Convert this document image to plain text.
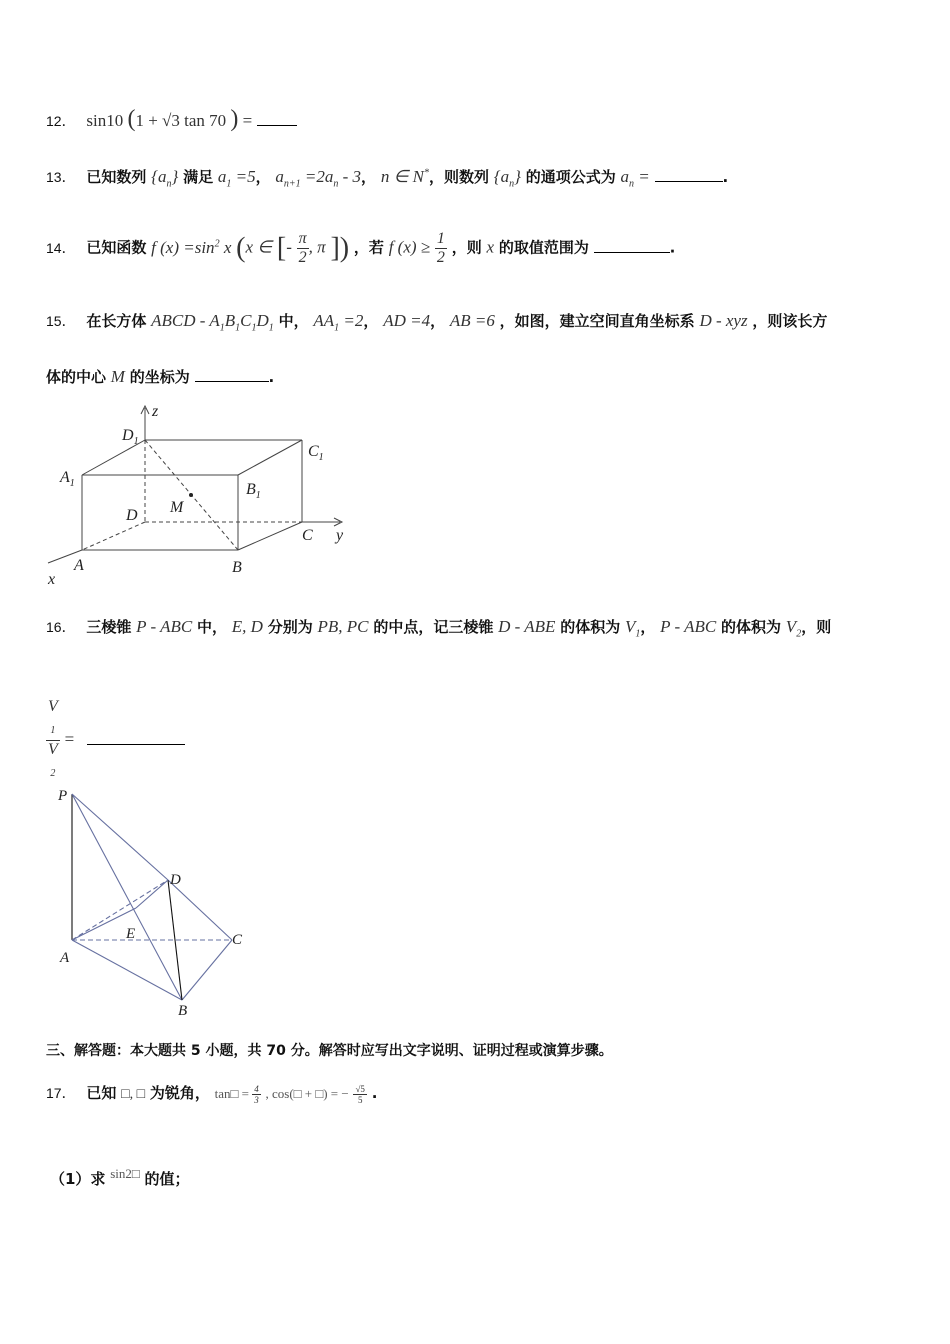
12． sin10 (1 + √3 tan 70 ) =
13． 已知数列 $\{a_n\}$ 满足 $a_1 =5$， $a_{n+1} =2a_n - 3$， n ∈ N*，则数列 $\{a_n\}$ 的通项公式为 $a_n$ =	.
14． 已知函数 f $(x) =\sin^2$ x (x ∈ [- $\frac{\pi}{2}$ , π ]) ，若 f $(x) \ge \frac{1}{2}$ ，则 x 的取值范围为	.
15． 在长方体 ABCD - $A_1B_1C_1D_1$ 中， $AA_1 =2$， AD =4， AB =6 ，如图，建立空间直角坐标系 D - xyz ，则该长方
体的中心 M 的坐标为	.
z
y
x
$D_1$
$C_1$
$A_1$	$B_1$
D M
C
A	B
16． 三棱锥 P - ABC 中， E, D 分别为 PB, PC 的中点，记三棱锥 D - ABE 的体积为 $V_1$， P - ABC 的体积为 $V_2$，则
V
$_1$
V
$_2$ =
P
D
E
A
C
B
三、解答题：本大题共 5 小题，共 70 分。解答时应写出文字说明、证明过程或演算步骤。
17． 已知 □, □ 为锐角， tan□ = $\frac{4}{3}$ , cos(□ + □) = − $\frac{√5}{5}$ .
（1）求 sin2□ 的值；
